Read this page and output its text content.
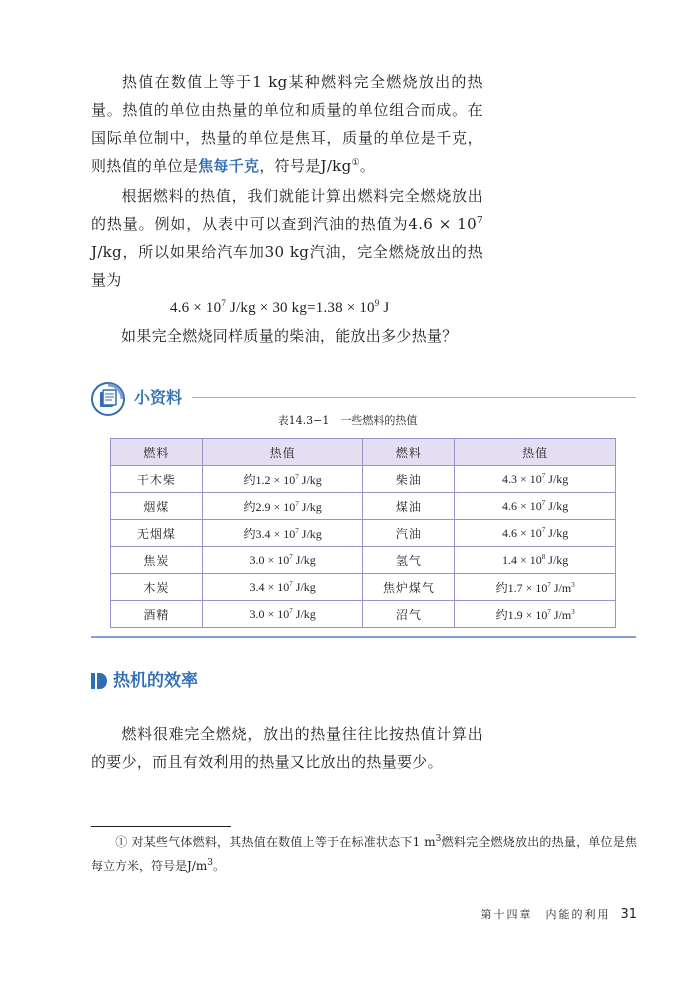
热值在数值上等于1 kg某种燃料完全燃烧放出的热量。热值的单位由热量的单位和质量的单位组合而成。在国际单位制中，热量的单位是焦耳，质量的单位是千克，则热值的单位是焦每千克，符号是J/kg①。

根据燃料的热值，我们就能计算出燃料完全燃烧放出的热量。例如，从表中可以查到汽油的热值为$4.6 \times 10^7$ J/kg，所以如果给汽车加30 kg汽油，完全燃烧放出的热量为

$4.6 \times 10^7$ J/kg × 30 $kg=1.38 \times 10^9$ J

如果完全燃烧同样质量的柴油，能放出多少热量？

小资料
表14.3−1　一些燃料的热值
燃料	热值	燃料	热值
干木柴	约$1.2 \times 10^7$ J/kg	柴油	$4.3 \times 10^7$ J/kg
烟煤	约$2.9 \times 10^7$ J/kg	煤油	$4.6 \times 10^7$ J/kg
无烟煤	约$3.4 \times 10^7$ J/kg	汽油	$4.6 \times 10^7$ J/kg
焦炭	$3.0 \times 10^7$ J/kg	氢气	$1.4 \times 10^8$ J/kg
木炭	$3.4 \times 10^7$ J/kg	焦炉煤气	约$1.7 \times 10^7$ $J/m^3$
酒精	$3.0 \times 10^7$ J/kg	沼气	约$1.9 \times 10^7$ $J/m^3$
热机的效率

燃料很难完全燃烧，放出的热量往往比按热值计算出的要少，而且有效利用的热量又比放出的热量要少。

① 对某些气体燃料，其热值在数值上等于在标准状态下1 $m^3$燃料完全燃烧放出的热量，单位是焦每立方米，符号是$J/m^3$。

第十四章　内能的利用 31
